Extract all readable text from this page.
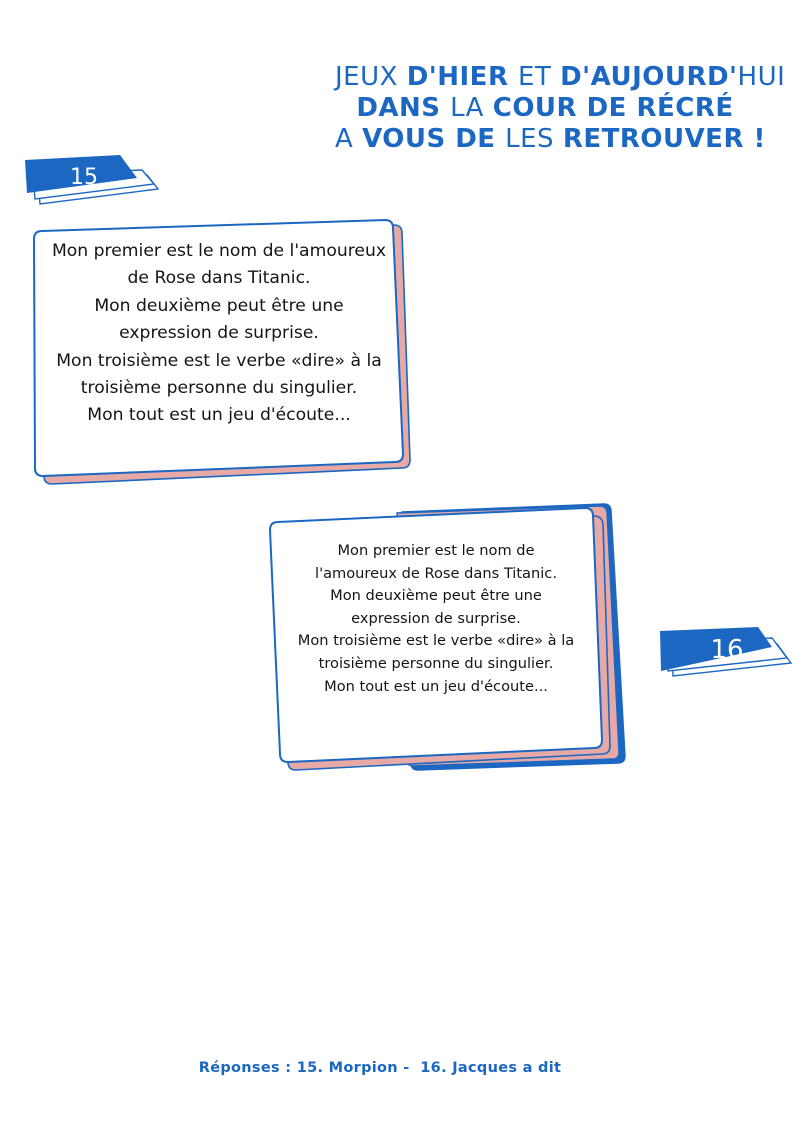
JEUX D'HIER ET D'AUJOURD'HUI
DANS LA COUR DE RÉCRÉ
A VOUS DE LES RETROUVER !
15
Mon premier est le nom de l'amoureux
de Rose dans Titanic.
Mon deuxième peut être une
expression de surprise.
Mon troisième est le verbe «dire» à la
troisième personne du singulier.
Mon tout est un jeu d'écoute...
Mon premier est le nom de
l'amoureux de Rose dans Titanic.
Mon deuxième peut être une
expression de surprise.
Mon troisième est le verbe «dire» à la
troisième personne du singulier.
Mon tout est un jeu d'écoute...
16
Réponses : 15. Morpion -  16. Jacques a dit
